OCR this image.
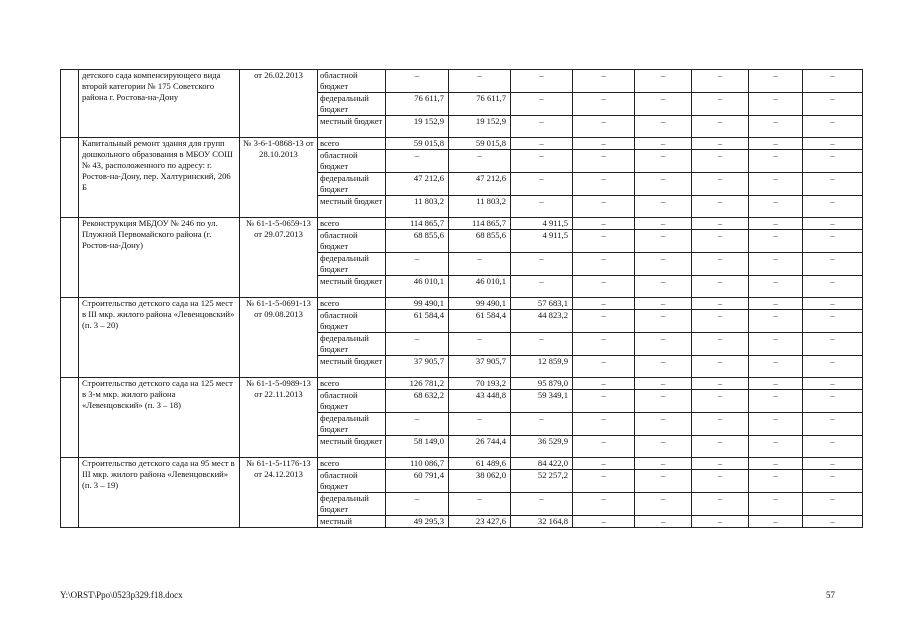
	детского сада компенсирующего вида второй категории № 175 Советского района г. Ростова-на-Дону	от 26.02.2013	областной бюджет	–	–	–	–	–	–	–	–
			федеральный бюджет	76 611,7	76 611,7	–	–	–	–	–	–
			местный бюджет	19 152,9	19 152,9	–	–	–	–	–	–
	Капитальный ремонт здания для групп дошкольного образования в МБОУ СОШ № 43, расположенного по адресу: г. Ростов-на-Дону, пер. Халтуринский, 206 Б	№ 3-6-1-0868-13 от 28.10.2013	всего	59 015,8	59 015,8	–	–	–	–	–	–
			областной бюджет	–	–	–	–	–	–	–	–
			федеральный бюджет	47 212,6	47 212,6	–	–	–	–	–	–
			местный бюджет	11 803,2	11 803,2	–	–	–	–	–	–
	Реконструкция МБДОУ № 246 по ул. Плужной Первомайского района (г. Ростов-на-Дону)	№ 61-1-5-0659-13 от 29.07.2013	всего	114 865,7	114 865,7	4 911,5	–	–	–	–	–
			областной бюджет	68 855,6	68 855,6	4 911,5	–	–	–	–	–
			федеральный бюджет	–	–	–	–	–	–	–	–
			местный бюджет	46 010,1	46 010,1	–	–	–	–	–	–
	Строительство детского сада на 125 мест в III мкр. жилого района «Левенцовский» (п. 3 – 20)	№ 61-1-5-0691-13 от 09.08.2013	всего	99 490,1	99 490,1	57 683,1	–	–	–	–	–
			областной бюджет	61 584,4	61 584,4	44 823,2	–	–	–	–	–
			федеральный бюджет	–	–	–	–	–	–	–	–
			местный бюджет	37 905,7	37 905,7	12 859,9	–	–	–	–	–
	Строительство детского сада на 125 мест в 3-м мкр. жилого района «Левенцовский» (п. 3 – 18)	№ 61-1-5-0989-13 от 22.11.2013	всего	126 781,2	70 193,2	95 879,0	–	–	–	–	–
			областной бюджет	68 632,2	43 448,8	59 349,1	–	–	–	–	–
			федеральный бюджет	–	–	–	–	–	–	–	–
			местный бюджет	58 149,0	26 744,4	36 529,9	–	–	–	–	–
	Строительство детского сада на 95 мест в III мкр. жилого района «Левенцовский» (п. 3 – 19)	№ 61-1-5-1176-13 от 24.12.2013	всего	110 086,7	61 489,6	84 422,0	–	–	–	–	–
			областной бюджет	60 791,4	38 062,0	52 257,2	–	–	–	–	–
			федеральный бюджет	–	–	–	–	–	–	–	–
			местный	49 295,3	23 427,6	32 164,8	–	–	–	–	–
Y:\ORST\Ppo\0523p329.f18.docx	57
